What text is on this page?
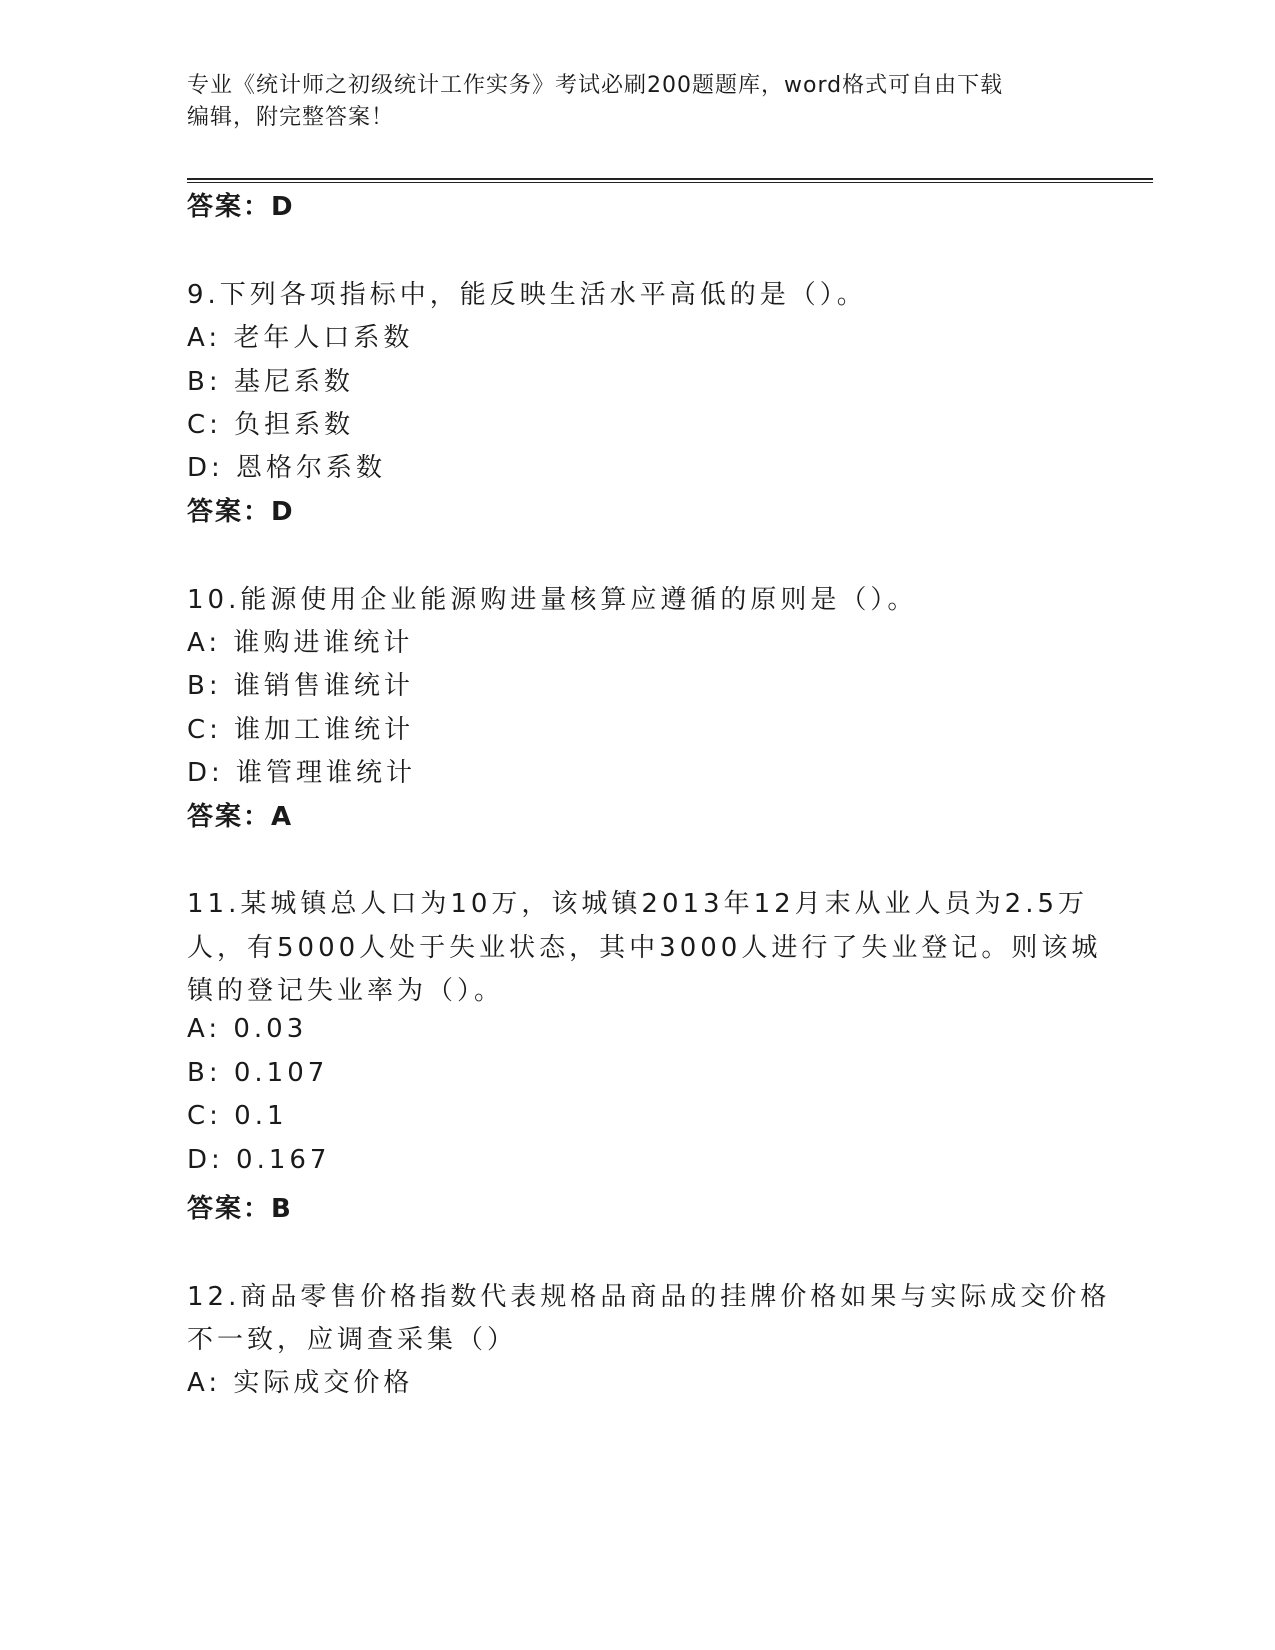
专业《统计师之初级统计工作实务》考试必刷200题题库，word格式可自由下载
编辑，附完整答案！
答案：D
9.下列各项指标中，能反映生活水平高低的是（）。
A: 老年人口系数
B: 基尼系数
C: 负担系数
D: 恩格尔系数
答案：D
10.能源使用企业能源购进量核算应遵循的原则是（）。
A: 谁购进谁统计
B: 谁销售谁统计
C: 谁加工谁统计
D: 谁管理谁统计
答案：A
11.某城镇总人口为10万，该城镇2013年12月末从业人员为2.5万
人，有5000人处于失业状态，其中3000人进行了失业登记。则该城
镇的登记失业率为（）。
A: 0.03
B: 0.107
C: 0.1
D: 0.167
答案：B
12.商品零售价格指数代表规格品商品的挂牌价格如果与实际成交价格
不一致，应调查采集（）
A: 实际成交价格
